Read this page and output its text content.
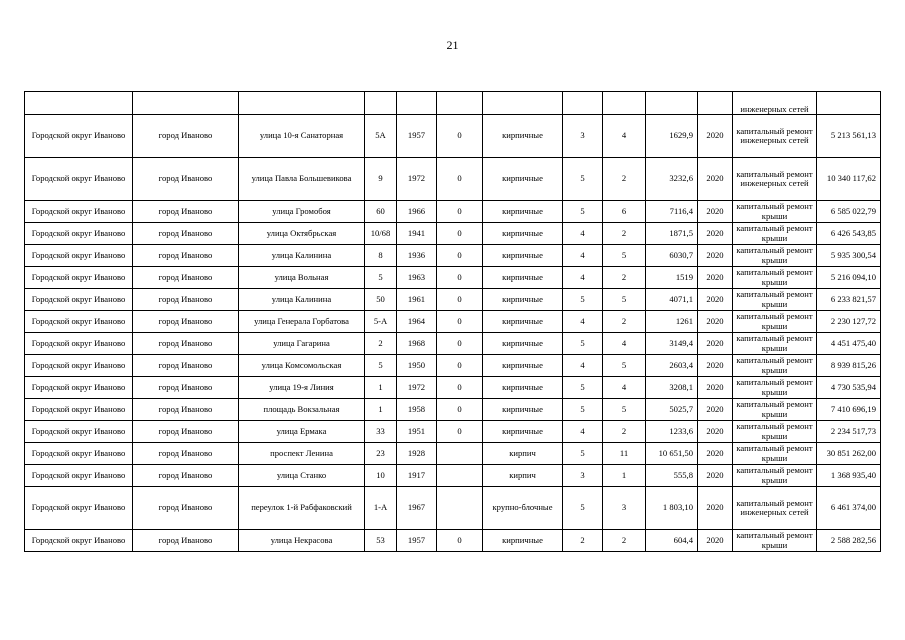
21
											инженерных сетей	
Городской округ Иваново	город Иваново	улица 10-я Санаторная	5А	1957	0	кирпичные	3	4	1629,9	2020	капитальный ремонт инженерных сетей	5 213 561,13
Городской округ Иваново	город Иваново	улица Павла Большевикова	9	1972	0	кирпичные	5	2	3232,6	2020	капитальный ремонт инженерных сетей	10 340 117,62
Городской округ Иваново	город Иваново	улица Громобоя	60	1966	0	кирпичные	5	6	7116,4	2020	капитальный ремонт крыши	6 585 022,79
Городской округ Иваново	город Иваново	улица Октябрьская	10/68	1941	0	кирпичные	4	2	1871,5	2020	капитальный ремонт крыши	6 426 543,85
Городской округ Иваново	город Иваново	улица Калинина	8	1936	0	кирпичные	4	5	6030,7	2020	капитальный ремонт крыши	5 935 300,54
Городской округ Иваново	город Иваново	улица Вольная	5	1963	0	кирпичные	4	2	1519	2020	капитальный ремонт крыши	5 216 094,10
Городской округ Иваново	город Иваново	улица Калинина	50	1961	0	кирпичные	5	5	4071,1	2020	капитальный ремонт крыши	6 233 821,57
Городской округ Иваново	город Иваново	улица Генерала Горбатова	5-А	1964	0	кирпичные	4	2	1261	2020	капитальный ремонт крыши	2 230 127,72
Городской округ Иваново	город Иваново	улица Гагарина	2	1968	0	кирпичные	5	4	3149,4	2020	капитальный ремонт крыши	4 451 475,40
Городской округ Иваново	город Иваново	улица Комсомольская	5	1950	0	кирпичные	4	5	2603,4	2020	капитальный ремонт крыши	8 939 815,26
Городской округ Иваново	город Иваново	улица 19-я Линия	1	1972	0	кирпичные	5	4	3208,1	2020	капитальный ремонт крыши	4 730 535,94
Городской округ Иваново	город Иваново	площадь Вокзальная	1	1958	0	кирпичные	5	5	5025,7	2020	капитальный ремонт крыши	7 410 696,19
Городской округ Иваново	город Иваново	улица Ермака	33	1951	0	кирпичные	4	2	1233,6	2020	капитальный ремонт крыши	2 234 517,73
Городской округ Иваново	город Иваново	проспект Ленина	23	1928		кирпич	5	11	10 651,50	2020	капитальный ремонт крыши	30 851 262,00
Городской округ Иваново	город Иваново	улица Станко	10	1917		кирпич	3	1	555,8	2020	капитальный ремонт крыши	1 368 935,40
Городской округ Иваново	город Иваново	переулок 1-й Рабфаковский	1-А	1967		крупно-блочные	5	3	1 803,10	2020	капитальный ремонт инженерных сетей	6 461 374,00
Городской округ Иваново	город Иваново	улица Некрасова	53	1957	0	кирпичные	2	2	604,4	2020	капитальный ремонт крыши	2 588 282,56
